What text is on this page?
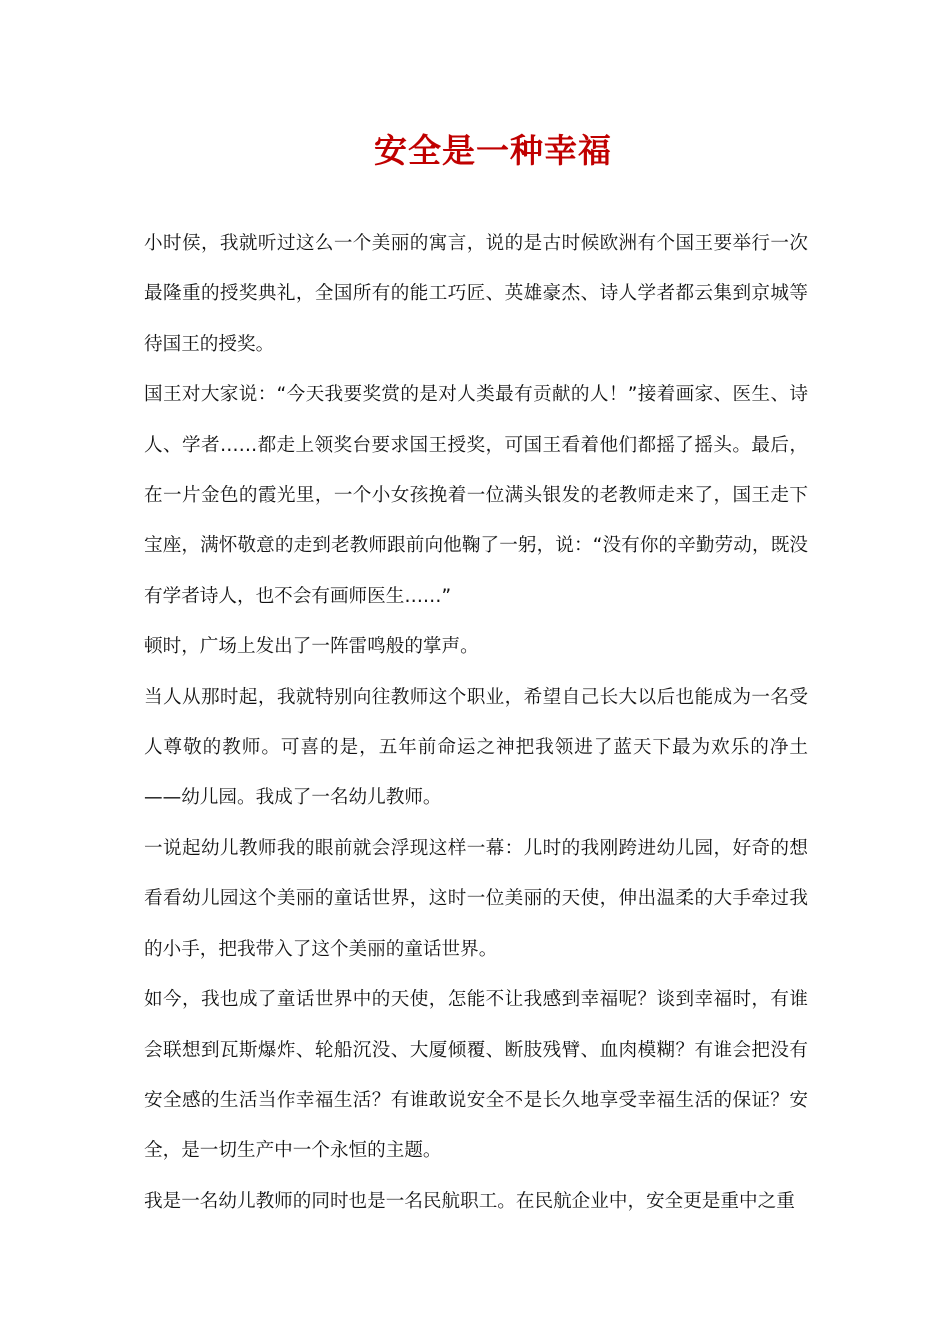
安全是一种幸福

小时侯，我就听过这么一个美丽的寓言，说的是古时候欧洲有个国王要举行一次最隆重的授奖典礼，全国所有的能工巧匠、英雄豪杰、诗人学者都云集到京城等待国王的授奖。

国王对大家说：“今天我要奖赏的是对人类最有贡献的人！”接着画家、医生、诗人、学者……都走上领奖台要求国王授奖，可国王看着他们都摇了摇头。最后，在一片金色的霞光里，一个小女孩挽着一位满头银发的老教师走来了，国王走下宝座，满怀敬意的走到老教师跟前向他鞠了一躬，说：“没有你的辛勤劳动，既没有学者诗人，也不会有画师医生……”

顿时，广场上发出了一阵雷鸣般的掌声。

当人从那时起，我就特别向往教师这个职业，希望自己长大以后也能成为一名受人尊敬的教师。可喜的是，五年前命运之神把我领进了蓝天下最为欢乐的净土——幼儿园。我成了一名幼儿教师。

一说起幼儿教师我的眼前就会浮现这样一幕：儿时的我刚跨进幼儿园，好奇的想看看幼儿园这个美丽的童话世界，这时一位美丽的天使，伸出温柔的大手牵过我的小手，把我带入了这个美丽的童话世界。

如今，我也成了童话世界中的天使，怎能不让我感到幸福呢？谈到幸福时，有谁会联想到瓦斯爆炸、轮船沉没、大厦倾覆、断肢残臂、血肉模糊？有谁会把没有安全感的生活当作幸福生活？有谁敢说安全不是长久地享受幸福生活的保证？安全，是一切生产中一个永恒的主题。

我是一名幼儿教师的同时也是一名民航职工。在民航企业中，安全更是重中之重
